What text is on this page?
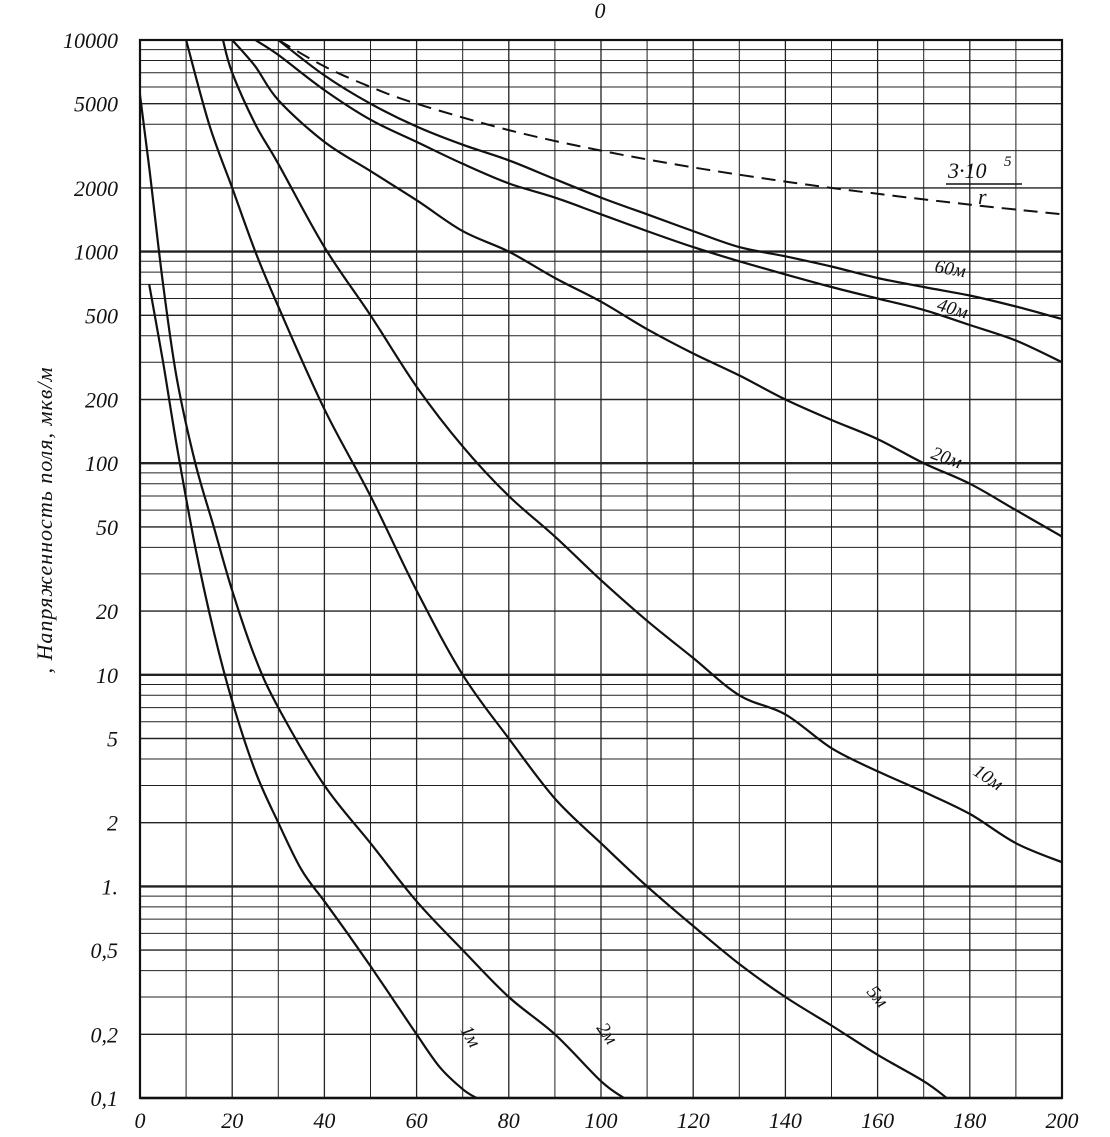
0	20	40	60	80	100	120	140	160	180	200
10000
5000
2000
1000
500
200
100
50
20
10
5
2
1.
0,5
0,2
0,1
0
, Напряженность поля, мкв/м
3·10 5
r
1м	2м
5м
10м
20м
40м
60м
